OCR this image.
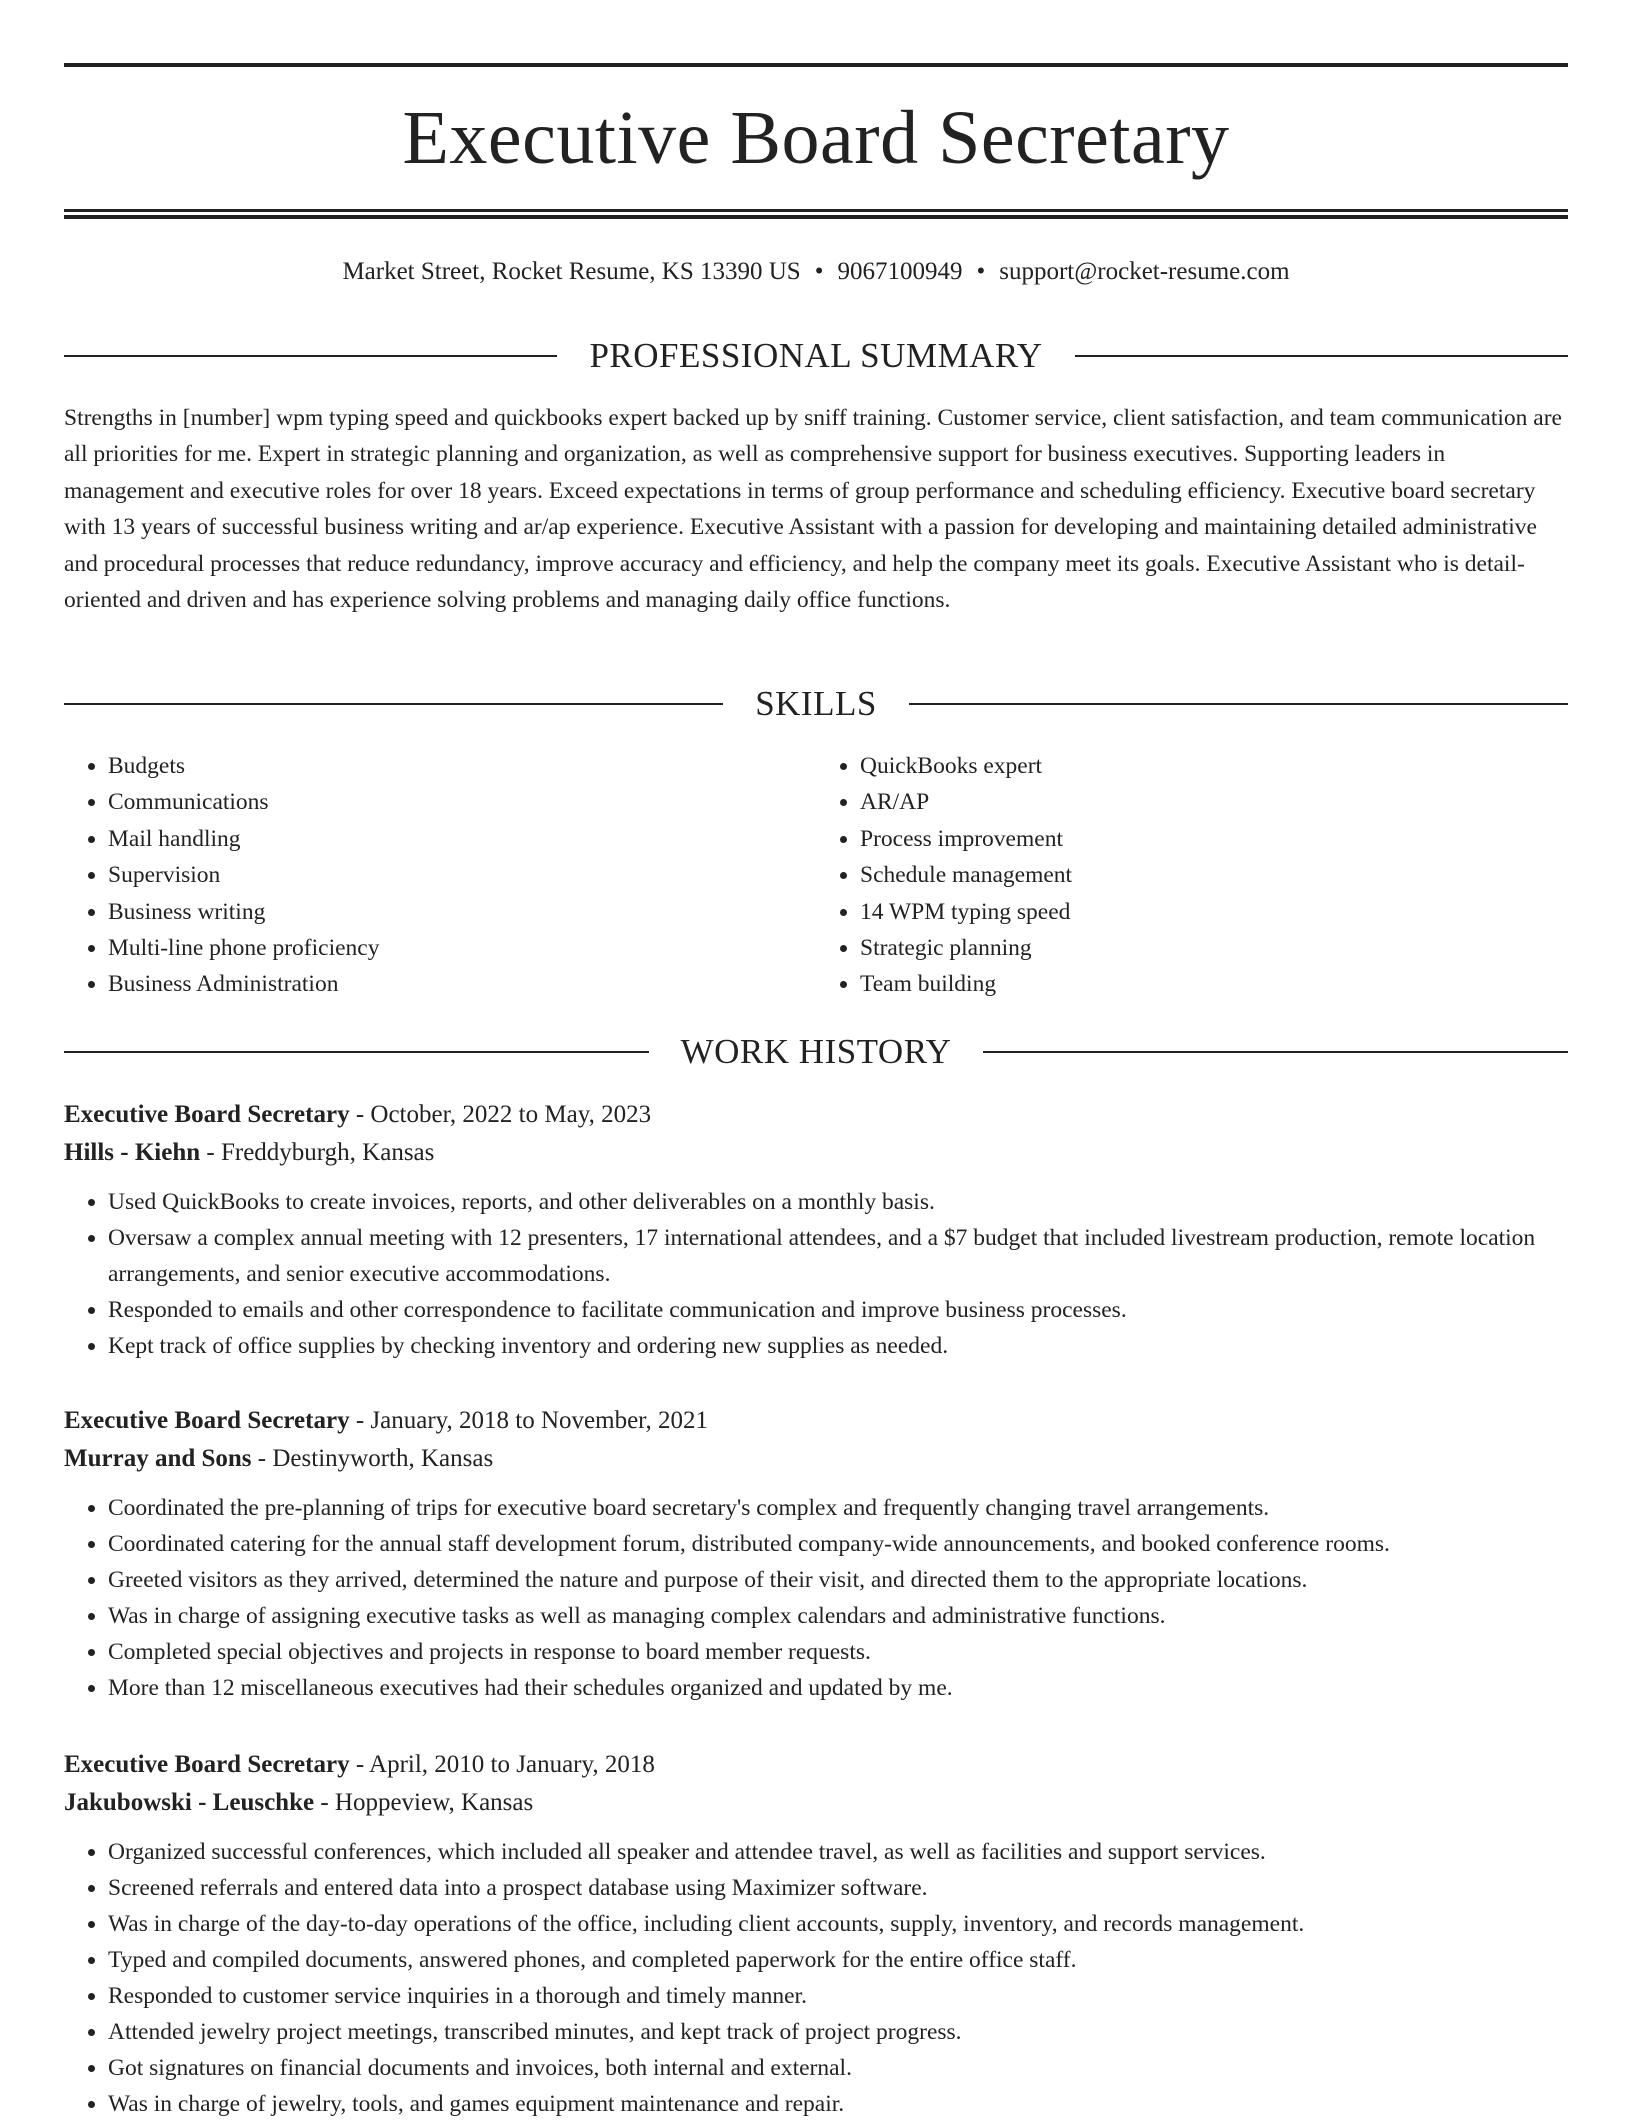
Executive Board Secretary
Market Street, Rocket Resume, KS 13390 US • 9067100949 • support@rocket-resume.com
PROFESSIONAL SUMMARY

Strengths in [number] wpm typing speed and quickbooks expert backed up by sniff training. Customer service, client satisfaction, and team communication are all priorities for me. Expert in strategic planning and organization, as well as comprehensive support for business executives. Supporting leaders in management and executive roles for over 18 years. Exceed expectations in terms of group performance and scheduling efficiency. Executive board secretary with 13 years of successful business writing and ar/ap experience. Executive Assistant with a passion for developing and maintaining detailed administrative and procedural processes that reduce redundancy, improve accuracy and efficiency, and help the company meet its goals. Executive Assistant who is detail-oriented and driven and has experience solving problems and managing daily office functions.

SKILLS
• Budgets
• Communications
• Mail handling
• Supervision
• Business writing
• Multi-line phone proficiency
• Business Administration
• QuickBooks expert
• AR/AP
• Process improvement
• Schedule management
• 14 WPM typing speed
• Strategic planning
• Team building
WORK HISTORY
Executive Board Secretary - October, 2022 to May, 2023
Hills - Kiehn - Freddyburgh, Kansas
• Used QuickBooks to create invoices, reports, and other deliverables on a monthly basis.
• Oversaw a complex annual meeting with 12 presenters, 17 international attendees, and a $7 budget that included livestream production, remote location arrangements, and senior executive accommodations.
• Responded to emails and other correspondence to facilitate communication and improve business processes.
• Kept track of office supplies by checking inventory and ordering new supplies as needed.
Executive Board Secretary - January, 2018 to November, 2021
Murray and Sons - Destinyworth, Kansas
• Coordinated the pre-planning of trips for executive board secretary's complex and frequently changing travel arrangements.
• Coordinated catering for the annual staff development forum, distributed company-wide announcements, and booked conference rooms.
• Greeted visitors as they arrived, determined the nature and purpose of their visit, and directed them to the appropriate locations.
• Was in charge of assigning executive tasks as well as managing complex calendars and administrative functions.
• Completed special objectives and projects in response to board member requests.
• More than 12 miscellaneous executives had their schedules organized and updated by me.
Executive Board Secretary - April, 2010 to January, 2018
Jakubowski - Leuschke - Hoppeview, Kansas
• Organized successful conferences, which included all speaker and attendee travel, as well as facilities and support services.
• Screened referrals and entered data into a prospect database using Maximizer software.
• Was in charge of the day-to-day operations of the office, including client accounts, supply, inventory, and records management.
• Typed and compiled documents, answered phones, and completed paperwork for the entire office staff.
• Responded to customer service inquiries in a thorough and timely manner.
• Attended jewelry project meetings, transcribed minutes, and kept track of project progress.
• Got signatures on financial documents and invoices, both internal and external.
• Was in charge of jewelry, tools, and games equipment maintenance and repair.
